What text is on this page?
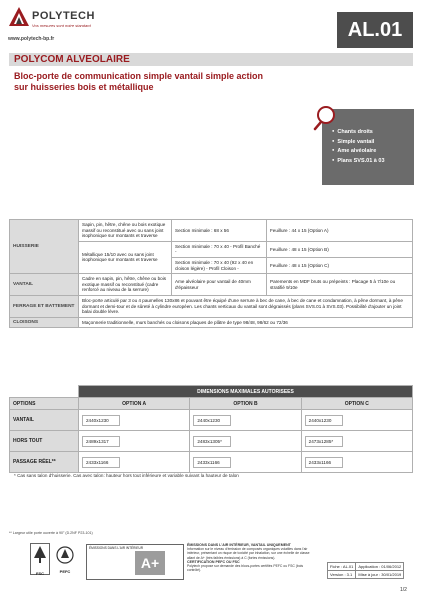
POLYTECH
Vos mesures sont notre standard
www.polytech-bp.fr	AL.01
POLYCOM ALVEOLAIRE
Bloc-porte de communication simple vantail simple action sur huisseries bois et métallique
● Chants droits
● Simple vantail
● Ame alvéolaire
● Plans SVS.01 à 03
HUISSERIE	Sapin, pin, hêtre, chêne ou bois exotique massif ou reconstitué avec ou sans joint isophonique sur montants et traverse	Section minimale : 68 x 56	Feuillure : 44 x 15 (Option A)
	Métallique 15/10 avec ou sans joint isophonique sur montants et traverse	Section minimale : 70 x 40 - Profil Banché -	Feuillure : 48 x 15 (Option B)
		Section minimale : 70 x 40 (92 x 40 en cloison légère) - Profil Cloison -	Feuillure : 48 x 15 (Option C)
VANTAIL	Cadre en sapin, pin, hêtre, chêne ou bois exotique massif ou reconstitué (cadre renforcé au niveau de la serrure)	Ame alvéolaire pour vantail de 40mm d'épaisseur	Parements en MDF bruts ou prépeints : Placage 5 à 7/10e ou stratifié 9/10e
FERRAGE ET BATTEMENT	Bloc-porte articulé par 3 ou 4 paumelles 130x86 et pouvant être équipé d'une serrure à bec de cane, à bec de cane et condamnation, à pêne dormant, à pêne dormant et demi-tour et de sûreté à cylindre européen. Les chants verticaux du vantail sont dégraissés (plans SVS.01 à SVS.03). Possibilité d'ajouter un joint balai double lèvre.		
CLOISONS	Maçonnerie traditionnelle, murs banchés ou cloisons plaques de plâtre de type 98/48, 98/62 ou 72/36		
	DIMENSIONS MAXIMALES AUTORISEES		
OPTIONS	OPTION A	OPTION B	OPTION C
VANTAIL	2440x1230	2440x1230	2440x1230
HORS TOUT	2489x1317	2483x1305*	2473x1285*
PASSAGE RÉEL**	2433x1166	2433x1166	2433x1166
* Cas sans talon d'huisserie. Cas avec talon: hauteur hors tout inférieure et variable suivant la hauteur de talon
** Largeur utile porte ouverte à 90° (D.2NF P23-101)
FSC	PEFC
ÉMISSIONS DANS L'AIR INTÉRIEUR
A+
ÉMISSIONS DANS L'AIR INTÉRIEUR, VANTAIL UNIQUEMENT
Information sur le niveau d'émission de composés organiques volatiles dans l'air intérieur, présentant un risque de toxicité par inhalation, sur une échelle de classe allant de A+ (très faibles émissions) à C (fortes émissions).
CERTIFICATION PEFC OU FSC
Polytech propose sur demande des blocs-portes certifiés PEFC ou FSC (bois contrôlé).
Fiche : AL.01	Application : 01/06/2012
Version : 3.1	Mise à jour : 30/01/2019
1/2
